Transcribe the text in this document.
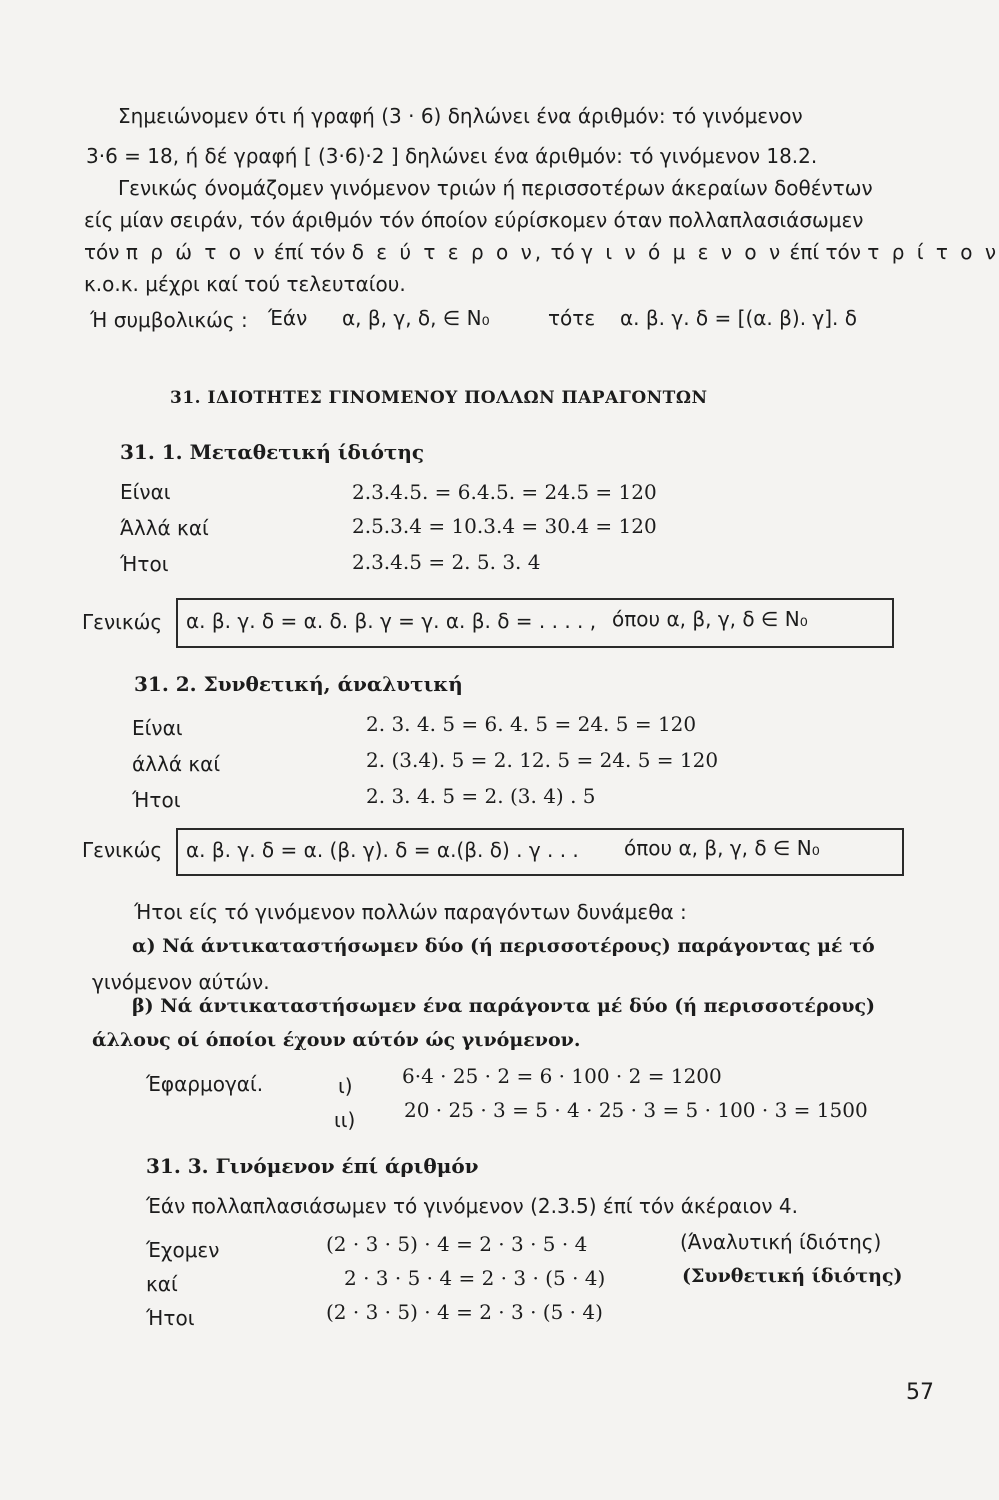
Σημειώνομεν ότι ή γραφή (3 · 6) δηλώνει ένα άριθμόν: τό γινόμενον
3·6 = 18, ή δέ γραφή [ (3·6)·2 ] δηλώνει ένα άριθμόν: τό γινόμενον 18.2.
Γενικώς όνομάζομεν γινόμενον τριών ή περισσοτέρων άκεραίων δοθέντων
είς μίαν σειράν, τόν άριθμόν τόν όποίον εύρίσκομεν όταν πολλαπλασιάσωμεν
τόν π ρ ώ τ ο ν έπί τόν δ ε ύ τ ε ρ ο ν, τό γ ι ν ό μ ε ν ο ν έπί τόν τ ρ ί τ ο ν
κ.ο.κ. μέχρι καί τού τελευταίου.
Ή συμβολικώς : Έάν α, β, γ, δ, ∈ N₀	τότε α. β. γ. δ = [(α. β). γ]. δ
31. ΙΔΙΟΤΗΤΕΣ ΓΙΝΟΜΕΝΟΥ ΠΟΛΛΩΝ ΠΑΡΑΓΟΝΤΩΝ
31. 1. Μεταθετική ίδιότης
Είναι	2.3.4.5. = 6.4.5. = 24.5 = 120
Άλλά καί	2.5.3.4 = 10.3.4 = 30.4 = 120
Ήτοι	2.3.4.5 = 2. 5. 3. 4
Γενικώς α. β. γ. δ = α. δ. β. γ = γ. α. β. δ = . . . . , όπου α, β, γ, δ ∈ N₀
31. 2. Συνθετική, άναλυτική
Είναι	2. 3. 4. 5 = 6. 4. 5 = 24. 5 = 120
άλλά καί	2. (3.4). 5 = 2. 12. 5 = 24. 5 = 120
Ήτοι	2. 3. 4. 5 = 2. (3. 4) . 5
Γενικώς α. β. γ. δ = α. (β. γ). δ = α.(β. δ) . γ . . . όπου α, β, γ, δ ∈ N₀
Ήτοι είς τό γινόμενον πολλών παραγόντων δυνάμεθα :
α) Νά άντικαταστήσωμεν δύο (ή περισσοτέρους) παράγοντας μέ τό
γινόμενον αύτών.
β) Νά άντικαταστήσωμεν ένα παράγοντα μέ δύο (ή περισσοτέρους)
άλλους οί όποίοι έχουν αύτόν ώς γινόμενον.
Έφαρμογαί.	ι) 6·4 · 25 · 2 = 6 · 100 · 2 = 1200
ιι) 20 · 25 · 3 = 5 · 4 · 25 · 3 = 5 · 100 · 3 = 1500
31. 3. Γινόμενον έπί άριθμόν
Έάν πολλαπλασιάσωμεν τό γινόμενον (2.3.5) έπί τόν άκέραιον 4.
Έχομεν	(2 · 3 · 5) · 4 = 2 · 3 · 5 · 4	(Άναλυτική ίδιότης)
καί	2 · 3 · 5 · 4 = 2 · 3 · (5 · 4)	(Συνθετική ίδιότης)
Ήτοι	(2 · 3 · 5) · 4 = 2 · 3 · (5 · 4)
57
